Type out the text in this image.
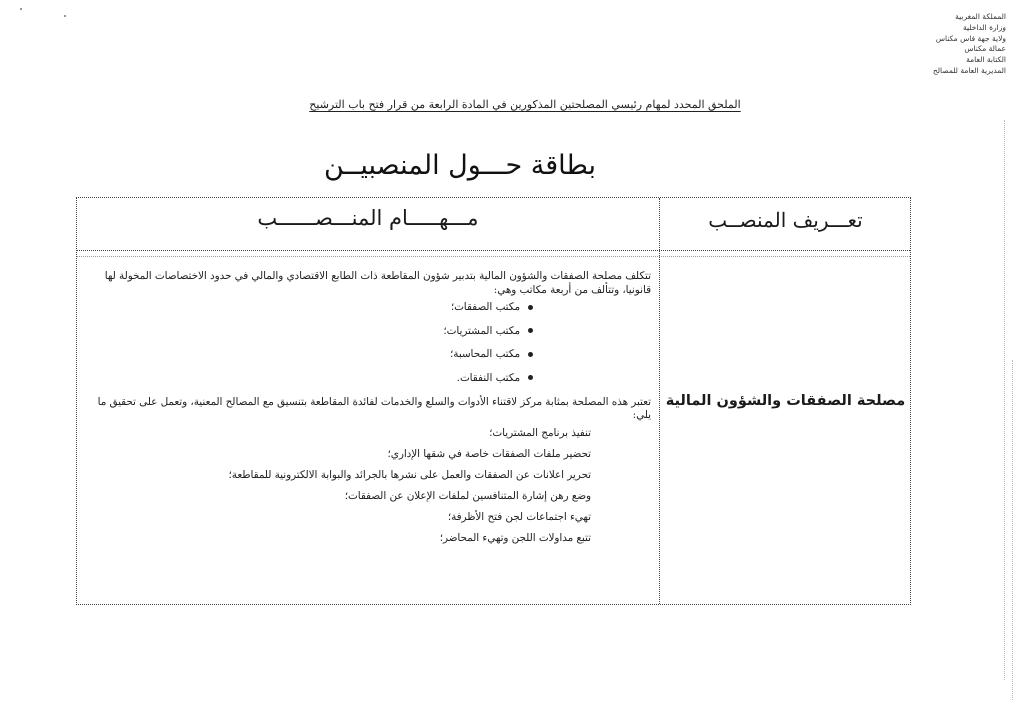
المملكة المغربية
وزارة الداخلية
ولاية جهة فاس مكناس
عمالة مكناس
الكتابة العامة
المديرية العامة للمصالح
الملحق المحدد لمهام رئيسي المصلحتين المذكورين في المادة الرابعة من قرار فتح باب الترشيح
بطاقة حـــول المنصبيــن
تعـــريف المنصــب
مـــهـــــام المنـــصــــــب
مصلحة الصفقات والشؤون المالية

تتكلف مصلحة الصفقات والشؤون المالية بتدبير شؤون المقاطعة ذات الطابع الاقتصادي والمالي في حدود الاختصاصات المخولة لها قانونيا، وتتألف من أربعة مكاتب وهي:

مكتب الصفقات؛
مكتب المشتريات؛
مكتب المحاسبة؛
مكتب النفقات.

تعتبر هذه المصلحة بمثابة مركز لاقتناء الأدوات والسلع والخدمات لفائدة المقاطعة بتنسيق مع المصالح المعنية، وتعمل على تحقيق ما يلي:

تنفيذ برنامج المشتريات؛
تحضير ملفات الصفقات خاصة في شقها الإداري؛
تحرير اعلانات عن الصفقات والعمل على نشرها بالجرائد والبوابة الالكترونية للمقاطعة؛
وضع رهن إشارة المتنافسين لملفات الإعلان عن الصفقات؛
تهيء اجتماعات لجن فتح الأظرفة؛
تتبع مداولات اللجن وتهيء المحاضر؛
